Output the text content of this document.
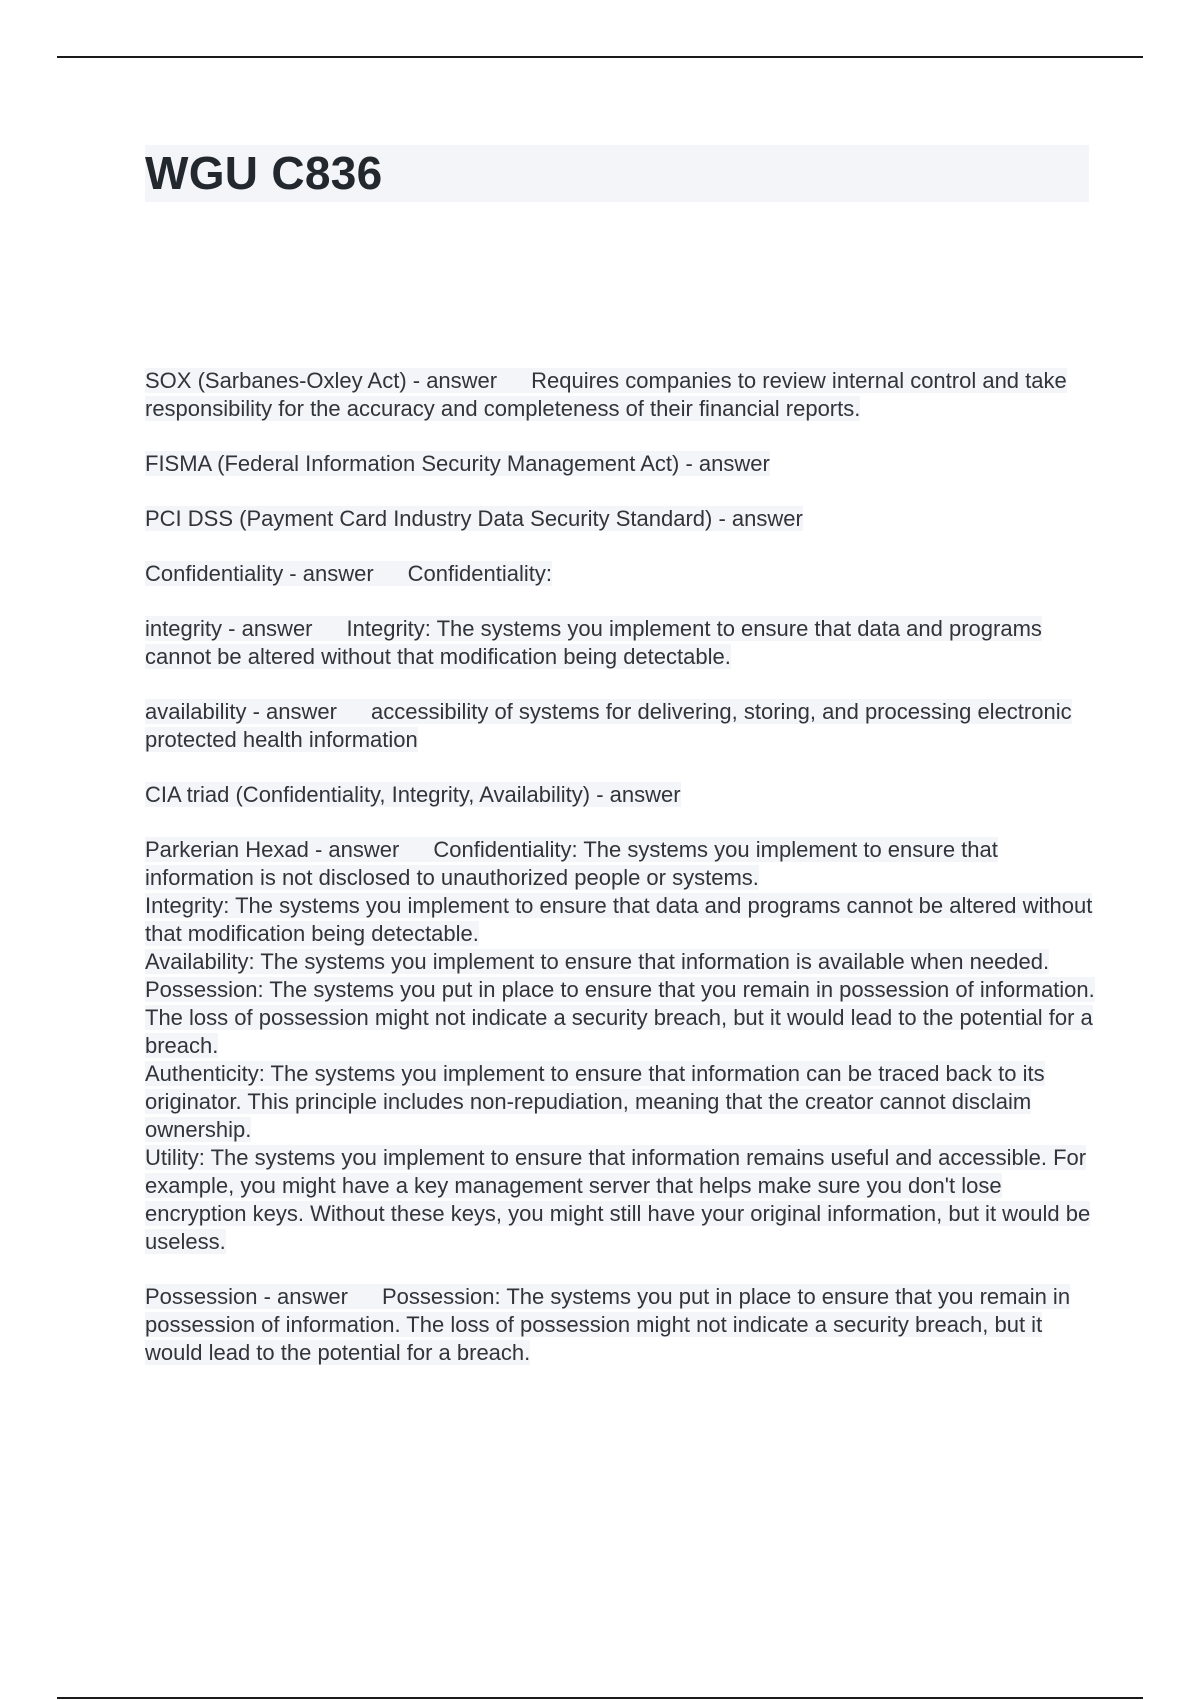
WGU C836

SOX (Sarbanes-Oxley Act) - answer Requires companies to review internal control and take responsibility for the accuracy and completeness of their financial reports.

FISMA (Federal Information Security Management Act) - answer

PCI DSS (Payment Card Industry Data Security Standard) - answer

Confidentiality - answer Confidentiality:

integrity - answer Integrity: The systems you implement to ensure that data and programs cannot be altered without that modification being detectable.

availability - answer accessibility of systems for delivering, storing, and processing electronic protected health information

CIA triad (Confidentiality, Integrity, Availability) - answer

Parkerian Hexad - answer Confidentiality: The systems you implement to ensure that information is not disclosed to unauthorized people or systems.
Integrity: The systems you implement to ensure that data and programs cannot be altered without that modification being detectable.
Availability: The systems you implement to ensure that information is available when needed.
Possession: The systems you put in place to ensure that you remain in possession of information. The loss of possession might not indicate a security breach, but it would lead to the potential for a breach.
Authenticity: The systems you implement to ensure that information can be traced back to its originator. This principle includes non-repudiation, meaning that the creator cannot disclaim ownership.
Utility: The systems you implement to ensure that information remains useful and accessible. For example, you might have a key management server that helps make sure you don't lose encryption keys. Without these keys, you might still have your original information, but it would be useless.

Possession - answer Possession: The systems you put in place to ensure that you remain in possession of information. The loss of possession might not indicate a security breach, but it would lead to the potential for a breach.
